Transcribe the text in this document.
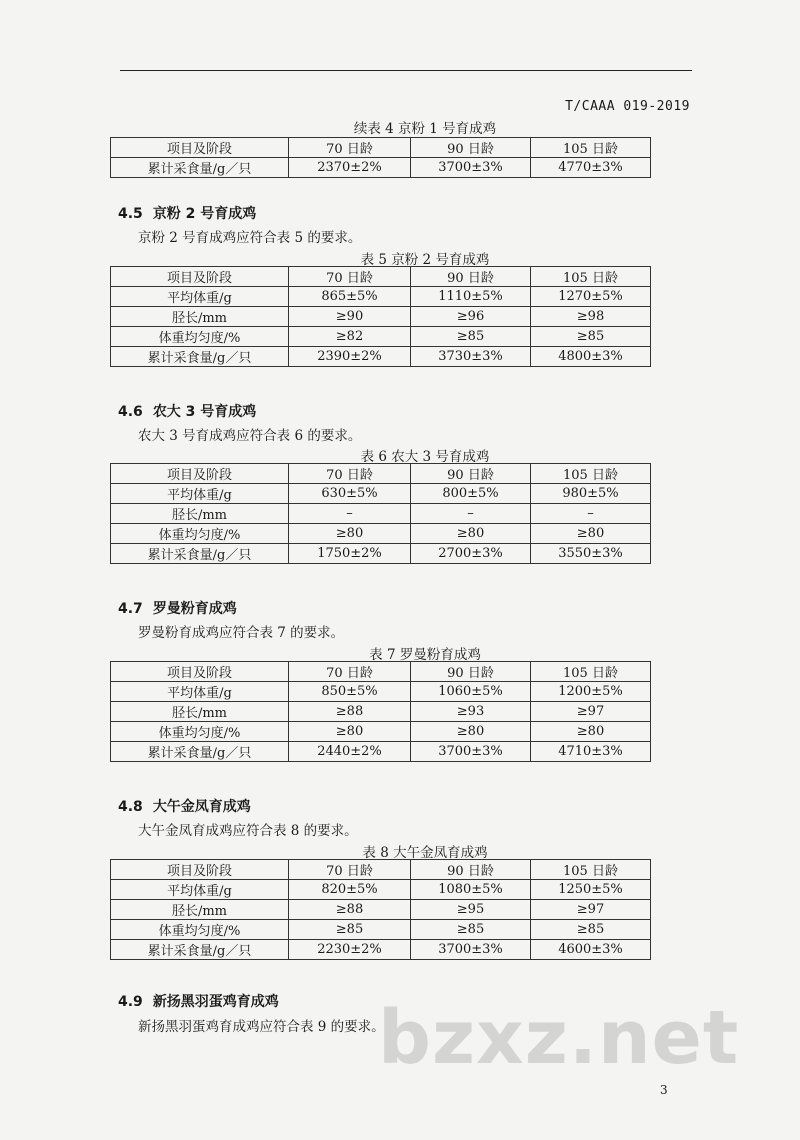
T/CAAA 019-2019
续表 4 京粉 1 号育成鸡
项目及阶段	70 日龄	90 日龄	105 日龄
累计采食量/g／只	2370±2%	3700±3%	4770±3%
4.5 京粉 2 号育成鸡
京粉 2 号育成鸡应符合表 5 的要求。
表 5 京粉 2 号育成鸡
项目及阶段	70 日龄	90 日龄	105 日龄
平均体重/g	865±5%	1110±5%	1270±5%
胫长/mm	≥90	≥96	≥98
体重均匀度/%	≥82	≥85	≥85
累计采食量/g／只	2390±2%	3730±3%	4800±3%
4.6 农大 3 号育成鸡
农大 3 号育成鸡应符合表 6 的要求。
表 6 农大 3 号育成鸡
项目及阶段	70 日龄	90 日龄	105 日龄
平均体重/g	630±5%	800±5%	980±5%
胫长/mm	–	–	–
体重均匀度/%	≥80	≥80	≥80
累计采食量/g／只	1750±2%	2700±3%	3550±3%
4.7 罗曼粉育成鸡
罗曼粉育成鸡应符合表 7 的要求。
表 7 罗曼粉育成鸡
项目及阶段	70 日龄	90 日龄	105 日龄
平均体重/g	850±5%	1060±5%	1200±5%
胫长/mm	≥88	≥93	≥97
体重均匀度/%	≥80	≥80	≥80
累计采食量/g／只	2440±2%	3700±3%	4710±3%
4.8 大午金凤育成鸡
大午金凤育成鸡应符合表 8 的要求。
表 8 大午金凤育成鸡
项目及阶段	70 日龄	90 日龄	105 日龄
平均体重/g	820±5%	1080±5%	1250±5%
胫长/mm	≥88	≥95	≥97
体重均匀度/%	≥85	≥85	≥85
累计采食量/g／只	2230±2%	3700±3%	4600±3%
4.9 新扬黑羽蛋鸡育成鸡
新扬黑羽蛋鸡育成鸡应符合表 9 的要求。
bzxz.net
3
